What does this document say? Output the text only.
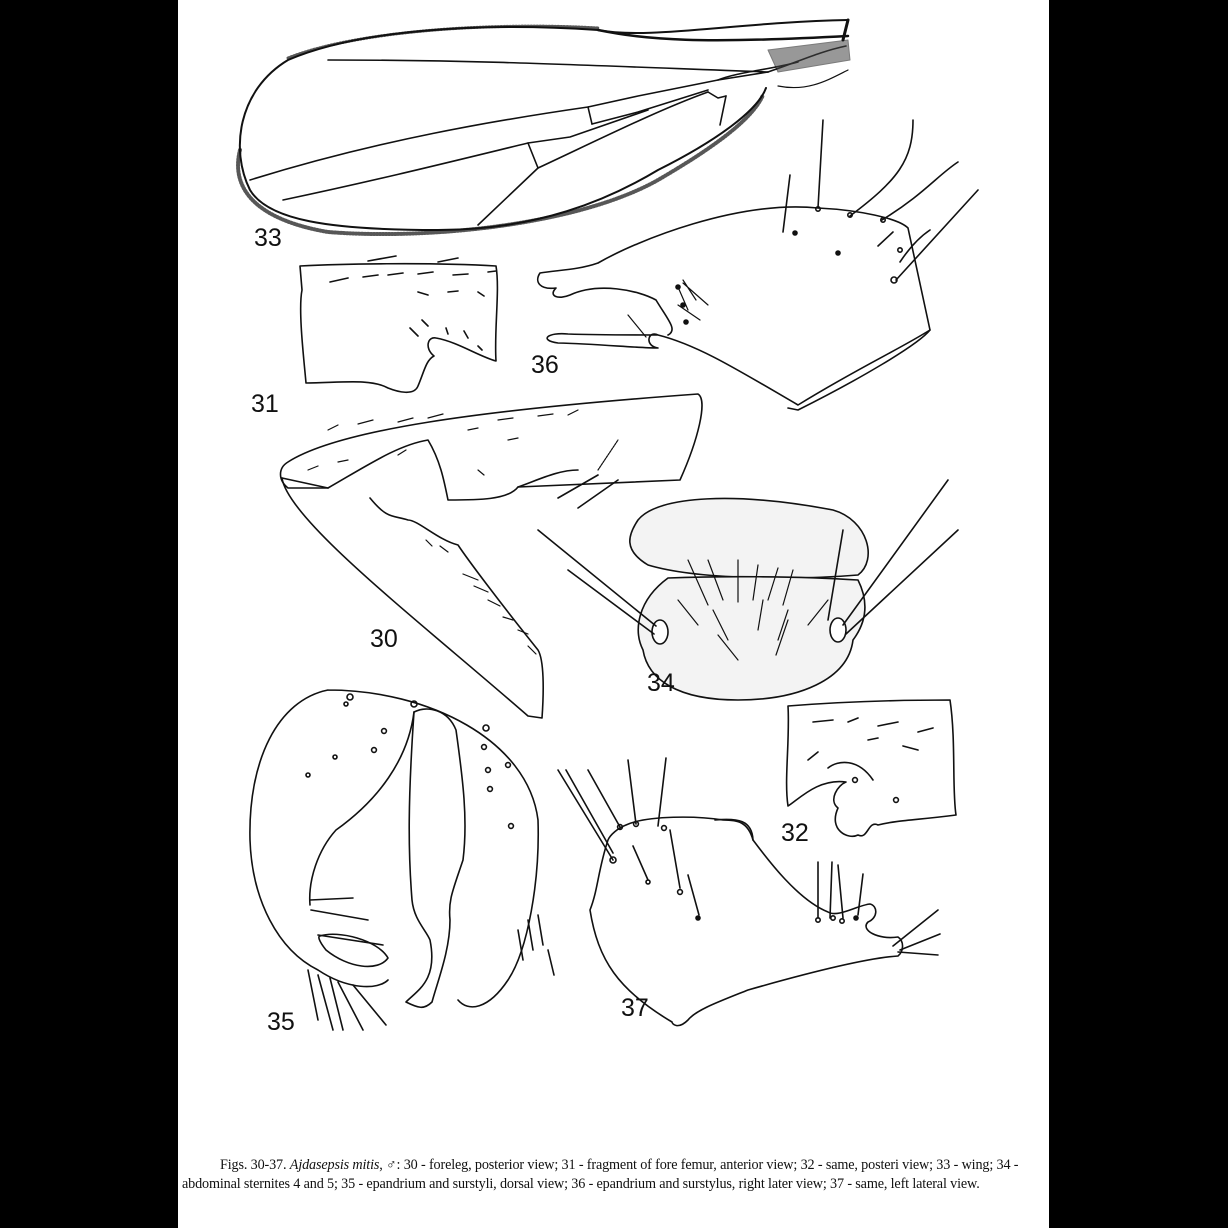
33
31
36
30
34
35
32
37
Figs. 30-37. Ajdasepsis mitis, ♂: 30 - foreleg, posterior view; 31 - fragment of fore femur, anterior view; 32 - same, posteri view; 33 - wing; 34 - abdominal sternites 4 and 5; 35 - epandrium and surstyli, dorsal view; 36 - epandrium and surstylus, right later view; 37 - same, left lateral view.
